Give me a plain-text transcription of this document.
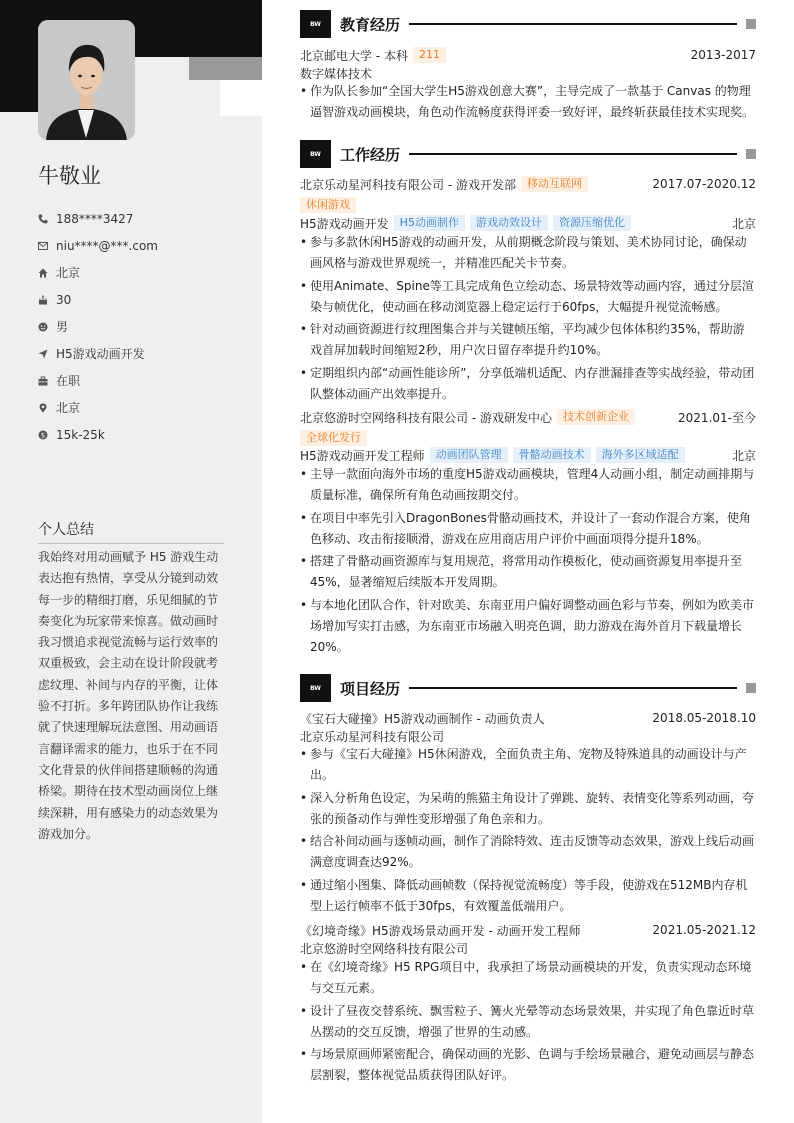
牛敬业
188****3427
niu****@***.com
北京
30
男
H5游戏动画开发
在职
北京
$ 15k-25k
个人总结
我始终对用动画赋予 H5 游戏生动表达抱有热情，享受从分镜到动效每一步的精细打磨，乐见细腻的节奏变化为玩家带来惊喜。做动画时我习惯追求视觉流畅与运行效率的双重极致，会主动在设计阶段就考虑纹理、补间与内存的平衡，让体验不打折。多年跨团队协作让我练就了快速理解玩法意图、用动画语言翻译需求的能力，也乐于在不同文化背景的伙伴间搭建顺畅的沟通桥梁。期待在技术型动画岗位上继续深耕，用有感染力的动态效果为游戏加分。
BW	教育经历
北京邮电大学 - 本科	211	2013-2017
数字媒体技术
• 作为队长参加“全国大学生H5游戏创意大赛”，主导完成了一款基于 Canvas 的物理逼智游戏动画模块，角色动作流畅度获得评委一致好评，最终斩获最佳技术实现奖。
BW	工作经历
北京乐动星河科技有限公司 - 游戏开发部	移动互联网	2017.07-2020.12
休闲游戏
H5游戏动画开发	H5动画制作	游戏动效设计	资源压缩优化	北京
• 参与多款休闲H5游戏的动画开发，从前期概念阶段与策划、美术协同讨论，确保动画风格与游戏世界观统一，并精准匹配关卡节奏。
• 使用Animate、Spine等工具完成角色立绘动态、场景特效等动画内容，通过分层渲染与帧优化，使动画在移动浏览器上稳定运行于60fps，大幅提升视觉流畅感。
• 针对动画资源进行纹理图集合并与关键帧压缩，平均减少包体体积约35%，帮助游戏首屏加载时间缩短2秒，用户次日留存率提升约10%。
• 定期组织内部“动画性能诊所”，分享低端机适配、内存泄漏排查等实战经验，带动团队整体动画产出效率提升。
北京悠游时空网络科技有限公司 - 游戏研发中心	技术创新企业	2021.01-至今
全球化发行
H5游戏动画开发工程师	动画团队管理	骨骼动画技术	海外多区域适配	北京
• 主导一款面向海外市场的重度H5游戏动画模块，管理4人动画小组，制定动画排期与质量标准，确保所有角色动画按期交付。
• 在项目中率先引入DragonBones骨骼动画技术，并设计了一套动作混合方案，使角色移动、攻击衔接顺滑，游戏在应用商店用户评价中画面项得分提升18%。
• 搭建了骨骼动画资源库与复用规范，将常用动作模板化，使动画资源复用率提升至45%，显著缩短后续版本开发周期。
• 与本地化团队合作，针对欧美、东南亚用户偏好调整动画色彩与节奏，例如为欧美市场增加写实打击感，为东南亚市场融入明亮色调，助力游戏在海外首月下载量增长20%。
BW	项目经历
《宝石大碰撞》H5游戏动画制作 - 动画负责人	2018.05-2018.10
北京乐动星河科技有限公司
• 参与《宝石大碰撞》H5休闲游戏，全面负责主角、宠物及特殊道具的动画设计与产出。
• 深入分析角色设定，为呆萌的熊猫主角设计了弹跳、旋转、表情变化等系列动画，夸张的预备动作与弹性变形增强了角色亲和力。
• 结合补间动画与逐帧动画，制作了消除特效、连击反馈等动态效果，游戏上线后动画满意度调查达92%。
• 通过缩小图集、降低动画帧数（保持视觉流畅度）等手段，使游戏在512MB内存机型上运行帧率不低于30fps，有效覆盖低端用户。
《幻境奇缘》H5游戏场景动画开发 - 动画开发工程师	2021.05-2021.12
北京悠游时空网络科技有限公司
• 在《幻境奇缘》H5 RPG项目中，我承担了场景动画模块的开发，负责实现动态环境与交互元素。
• 设计了昼夜交替系统、飘雪粒子、篝火光晕等动态场景效果，并实现了角色靠近时草丛摆动的交互反馈，增强了世界的生动感。
• 与场景原画师紧密配合，确保动画的光影、色调与手绘场景融合，避免动画层与静态层割裂，整体视觉品质获得团队好评。
